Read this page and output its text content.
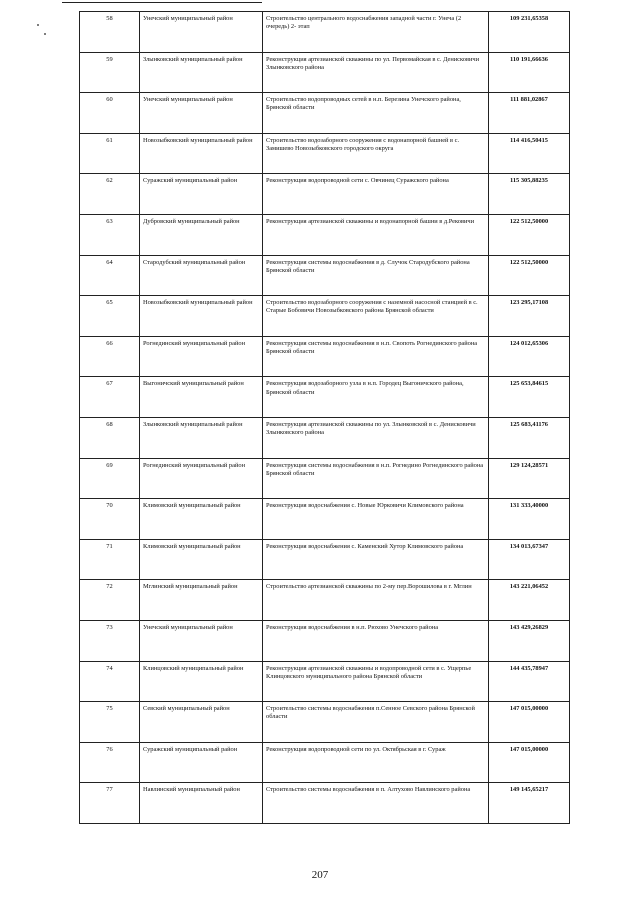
58	Унечский муниципальный район	Строительство центрального водоснабжения западной части г. Унеча (2 очередь) 2- этап	109 231,65358
59	Злынковский муниципальный район	Реконструкция артезианской скважины по ул. Первомайская в с. Денисковичи Злынковского района	110 191,66636
60	Унечский муниципальный район	Строительство водопроводных сетей в н.п. Березина Унечского района, Брянской области	111 881,02867
61	Новозыбковский муниципальный район	Строительство водозаборного сооружения с водонапорной башней в с. Замишево Новозыбковского городского округа	114 416,50415
62	Суражский муниципальный район	Реконструкция водопроводной сети с. Овчинец Суражского района	115 305,88235
63	Дубровский муниципальный район	Реконструкция артезианской скважины и водонапорной башни в д.Рековичи	122 512,50000
64	Стародубский муниципальный район	Реконструкция системы водоснабжения в д. Случок Стародубского района Брянской области	122 512,50000
65	Новозыбковский муниципальный район	Строительство водозаборного сооружения с наземной насосной станцией в с. Старые Бобовичи Новозыбковского района Брянской области	123 295,17108
66	Рогнединский муниципальный район	Реконструкция системы водоснабжения в н.п. Свопоть Рогнединского района Брянской области	124 012,65306
67	Выгоничский муниципальный район	Реконструкция водозаборного узла в н.п. Городец Выгоничского района, Брянской области	125 653,84615
68	Злынковский муниципальный район	Реконструкция артезианской скважины по ул. Злынковской в с. Денисковичи Злынковского района	125 683,41176
69	Рогнединский муниципальный район	Реконструкция системы водоснабжения в н.п. Рогнедино Рогнединского района Брянской области	129 124,28571
70	Климовский муниципальный район	Реконструкция водоснабжения с. Новые Юрковичи Климовского района	131 333,40000
71	Климовский муниципальный район	Реконструкция водоснабжения с. Каменский Хутор Климовского района	134 013,67347
72	Мглинский муниципальный район	Строительство артезианской скважины по 2-му пер.Ворошилова в г. Мглин	143 221,06452
73	Унечский муниципальный район	Реконструкция водоснабжения в н.п. Рюховo Унечского района	143 429,26829
74	Клинцовский муниципальный район	Реконструкция артезианской скважины и водопроводной сети в с. Ущерпье Клинцовского муниципального района Брянской области	144 435,78947
75	Севский муниципальный район	Строительство системы водоснабжения п.Сенное Севского района Брянской области	147 015,00000
76	Суражский муниципальный район	Реконструкция водопроводной сети по ул. Октябрьская в г. Сураж	147 015,00000
77	Навлинский муниципальный район	Строительство системы водоснабжения в п. Алтухово Навлинского района	149 145,65217
207
